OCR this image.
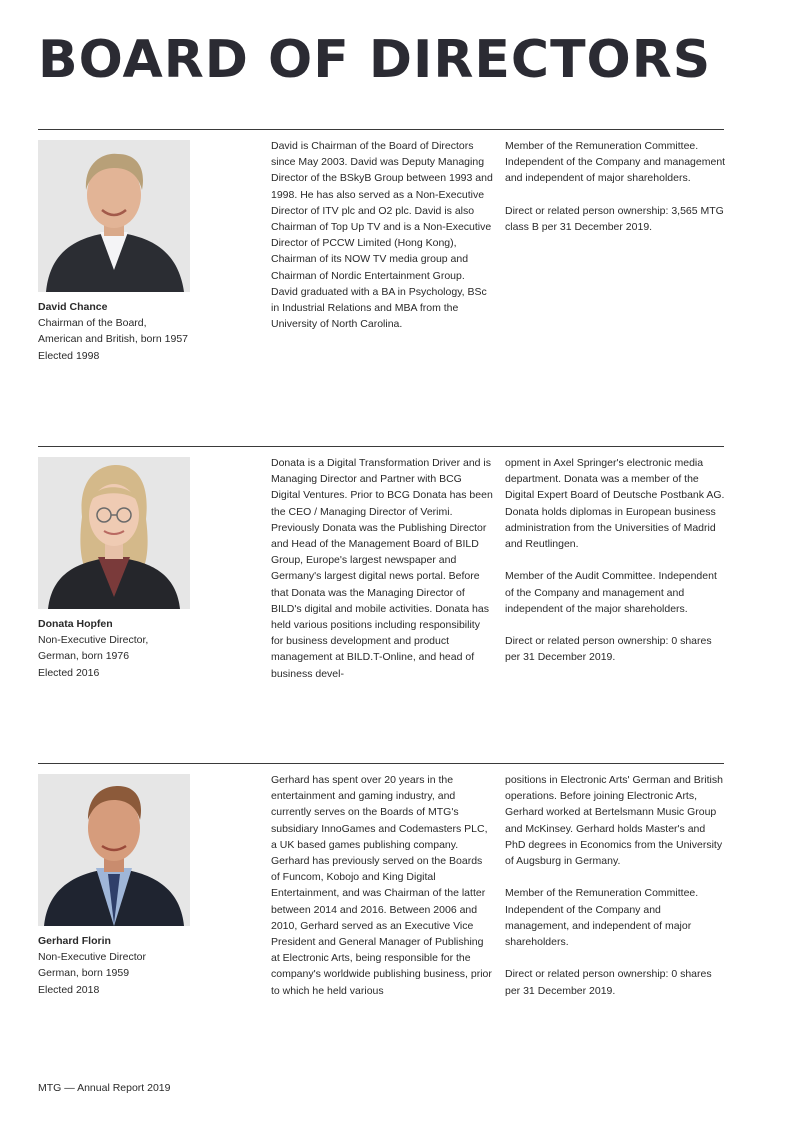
BOARD OF DIRECTORS
David Chance
Chairman of the Board,
American and British, born 1957
Elected 1998

David is Chairman of the Board of Directors since May 2003. David was Deputy Managing Director of the BSkyB Group between 1993 and 1998. He has also served as a Non-Executive Director of ITV plc and O2 plc. David is also Chairman of Top Up TV and is a Non-Executive Director of PCCW Limited (Hong Kong), Chairman of its NOW TV media group and Chairman of Nordic Entertainment Group. David graduated with a BA in Psychology, BSc in Industrial Relations and MBA from the University of North Carolina.

Member of the Remuneration Committee. Independent of the Company and management and independent of major shareholders.

Direct or related person ownership: 3,565 MTG class B per 31 December 2019.

Donata Hopfen
Non-Executive Director,
German, born 1976
Elected 2016

Donata is a Digital Transformation Driver and is Managing Director and Partner with BCG Digital Ventures. Prior to BCG Donata has been the CEO / Managing Director of Verimi. Previously Donata was the Publishing Director and Head of the Management Board of BILD Group, Europe's largest newspaper and Germany's largest digital news portal. Before that Donata was the Managing Director of BILD's digital and mobile activities. Donata has held various positions including responsibility for business development and product management at BILD.T-Online, and head of business devel-

opment in Axel Springer's electronic media department. Donata was a member of the Digital Expert Board of Deutsche Postbank AG. Donata holds diplomas in European business administration from the Universities of Madrid and Reutlingen.

Member of the Audit Committee. Independent of the Company and management and independent of the major shareholders.

Direct or related person ownership: 0 shares per 31 December 2019.

Gerhard Florin
Non-Executive Director
German, born 1959
Elected 2018

Gerhard has spent over 20 years in the entertainment and gaming industry, and currently serves on the Boards of MTG's subsidiary InnoGames and Codemasters PLC, a UK based games publishing company. Gerhard has previously served on the Boards of Funcom, Kobojo and King Digital Entertainment, and was Chairman of the latter between 2014 and 2016. Between 2006 and 2010, Gerhard served as an Executive Vice President and General Manager of Publishing at Electronic Arts, being responsible for the company's worldwide publishing business, prior to which he held various

positions in Electronic Arts' German and British operations. Before joining Electronic Arts, Gerhard worked at Bertelsmann Music Group and McKinsey. Gerhard holds Master's and PhD degrees in Economics from the University of Augsburg in Germany.

Member of the Remuneration Committee. Independent of the Company and management, and independent of major shareholders.

Direct or related person ownership: 0 shares per 31 December 2019.

MTG — Annual Report 2019
